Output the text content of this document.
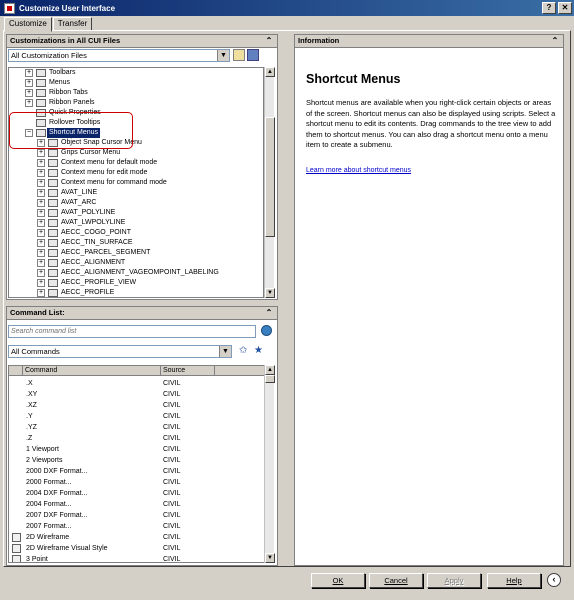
Customize User Interface	?	✕
Customize	Transfer
Customizations in All CUI Files	⌃
All Customization Files	▼
+	Toolbars
+	Menus
+	Ribbon Tabs
+	Ribbon Panels
Quick Properties
Rollover Tooltips
−	Shortcut Menus
+	Object Snap Cursor Menu
+	Grips Cursor Menu
+	Context menu for default mode
+	Context menu for edit mode
+	Context menu for command mode
+	AVAT_LINE
+	AVAT_ARC
+	AVAT_POLYLINE
+	AVAT_LWPOLYLINE
+	AECC_COGO_POINT
+	AECC_TIN_SURFACE
+	AECC_PARCEL_SEGMENT
+	AECC_ALIGNMENT
+	AECC_ALIGNMENT_VAGEOMPOINT_LABELING
+	AECC_PROFILE_VIEW
+	AECC_PROFILE
▲
▼
Command List:	⌃
Search command list
All Commands	▼ ✩ ★
Command	Source
.X	CIVIL
.XY	CIVIL
.XZ	CIVIL
.Y	CIVIL
.YZ	CIVIL
.Z	CIVIL
1 Viewport	CIVIL
2 Viewports	CIVIL
2000 DXF Format...	CIVIL
2000 Format...	CIVIL
2004 DXF Format...	CIVIL
2004 Format...	CIVIL
2007 DXF Format...	CIVIL
2007 Format...	CIVIL
2D Wireframe	CIVIL
2D Wireframe Visual Style	CIVIL
3 Point	CIVIL
▲
▼
Information	⌃
Shortcut Menus
Shortcut menus are available when you right-click certain objects or areas of the screen. Shortcut menus can also be displayed using scripts. Select a shortcut menu to edit its contents. Drag commands to the tree view to add them to shortcut menus. You can also drag a shortcut menu onto a menu item to create a submenu.
Learn more about shortcut menus
OK	Cancel	Apply	Help	‹
